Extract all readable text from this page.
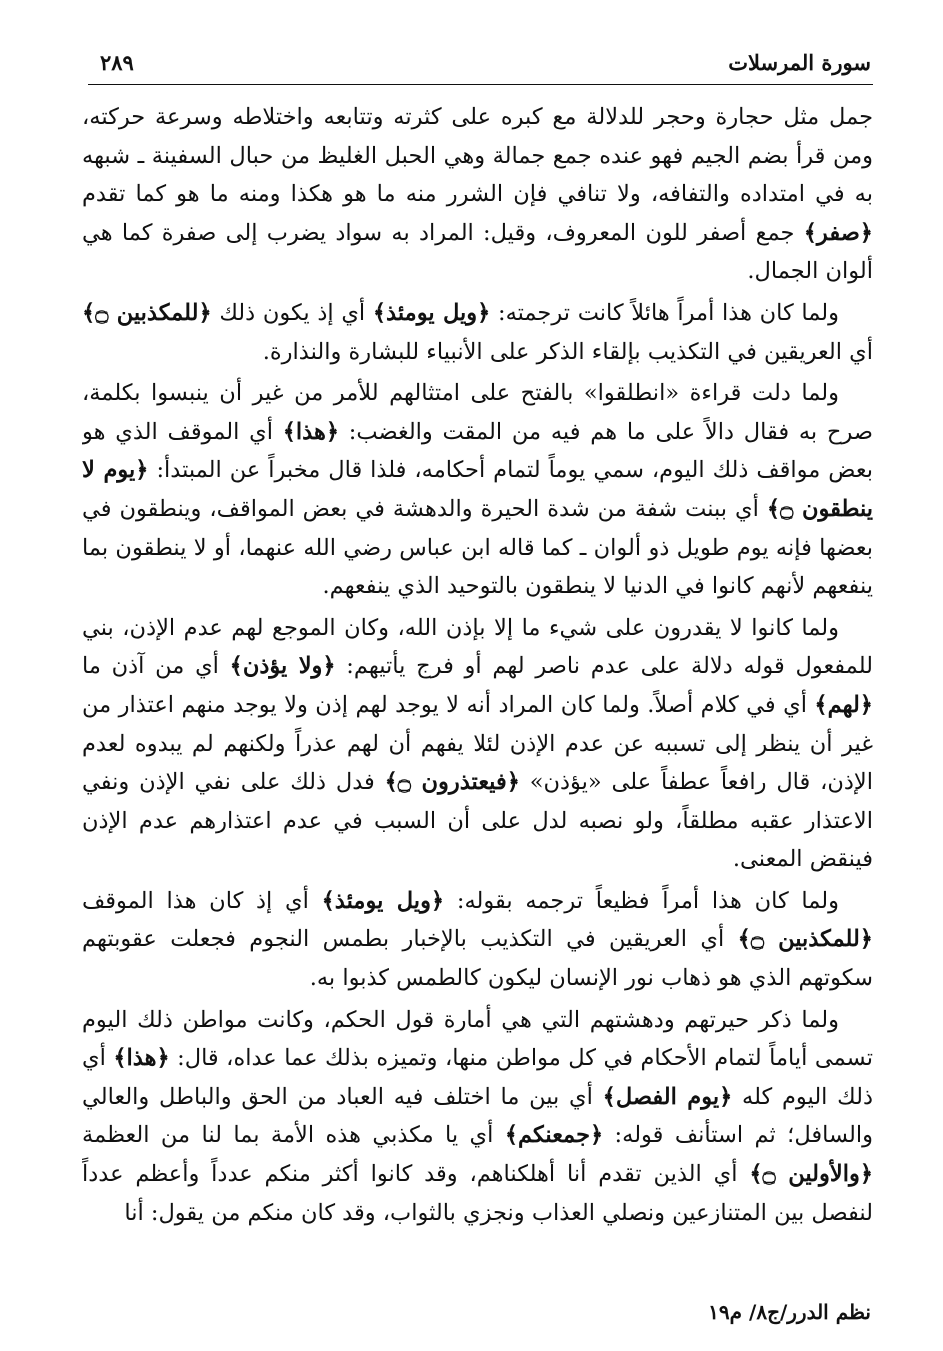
٢٨٩	سورة المرسلات

جمل مثل حجارة وحجر للدلالة مع كبره على كثرته وتتابعه واختلاطه وسرعة حركته، ومن قرأ بضم الجيم فهو عنده جمع جمالة وهي الحبل الغليظ من حبال السفينة ـ شبهه به في امتداده والتفافه، ولا تنافي فإن الشرر منه ما هو هكذا ومنه ما هو كما تقدم ﴿صفر﴾ جمع أصفر للون المعروف، وقيل: المراد به سواد يضرب إلى صفرة كما هي ألوان الجمال.

ولما كان هذا أمراً هائلاً كانت ترجمته: ﴿ويل يومئذ﴾ أي إذ يكون ذلك ﴿للمكذبين ۝﴾ أي العريقين في التكذيب بإلقاء الذكر على الأنبياء للبشارة والنذارة.

ولما دلت قراءة «انطلقوا» بالفتح على امتثالهم للأمر من غير أن ينبسوا بكلمة، صرح به فقال دالاً على ما هم فيه من المقت والغضب: ﴿هذا﴾ أي الموقف الذي هو بعض مواقف ذلك اليوم، سمي يوماً لتمام أحكامه، فلذا قال مخبراً عن المبتدأ: ﴿يوم لا ينطقون ۝﴾ أي ببنت شفة من شدة الحيرة والدهشة في بعض المواقف، وينطقون في بعضها فإنه يوم طويل ذو ألوان ـ كما قاله ابن عباس رضي الله عنهما، أو لا ينطقون بما ينفعهم لأنهم كانوا في الدنيا لا ينطقون بالتوحيد الذي ينفعهم.

ولما كانوا لا يقدرون على شيء ما إلا بإذن الله، وكان الموجع لهم عدم الإذن، بني للمفعول قوله دلالة على عدم ناصر لهم أو فرج يأتيهم: ﴿ولا يؤذن﴾ أي من آذن ما ﴿لهم﴾ أي في كلام أصلاً. ولما كان المراد أنه لا يوجد لهم إذن ولا يوجد منهم اعتذار من غير أن ينظر إلى تسببه عن عدم الإذن لئلا يفهم أن لهم عذراً ولكنهم لم يبدوه لعدم الإذن، قال رافعاً عطفاً على «يؤذن» ﴿فيعتذرون ۝﴾ فدل ذلك على نفي الإذن ونفي الاعتذار عقبه مطلقاً، ولو نصبه لدل على أن السبب في عدم اعتذارهم عدم الإذن فينقض المعنى.

ولما كان هذا أمراً فظيعاً ترجمه بقوله: ﴿ويل يومئذ﴾ أي إذ كان هذا الموقف ﴿للمكذبين ۝﴾ أي العريقين في التكذيب بالإخبار بطمس النجوم فجعلت عقوبتهم سكوتهم الذي هو ذهاب نور الإنسان ليكون كالطمس كذبوا به.

ولما ذكر حيرتهم ودهشتهم التي هي أمارة قول الحكم، وكانت مواطن ذلك اليوم تسمى أياماً لتمام الأحكام في كل مواطن منها، وتميزه بذلك عما عداه، قال: ﴿هذا﴾ أي ذلك اليوم كله ﴿يوم الفصل﴾ أي بين ما اختلف فيه العباد من الحق والباطل والعالي والسافل؛ ثم استأنف قوله: ﴿جمعنكم﴾ أي يا مكذبي هذه الأمة بما لنا من العظمة ﴿والأولين ۝﴾ أي الذين تقدم أنا أهلكناهم، وقد كانوا أكثر منكم عدداً وأعظم عدداً لنفصل بين المتنازعين ونصلي العذاب ونجزي بالثواب، وقد كان منكم من يقول: أنا

نظم الدرر/ج٨/ م١٩
